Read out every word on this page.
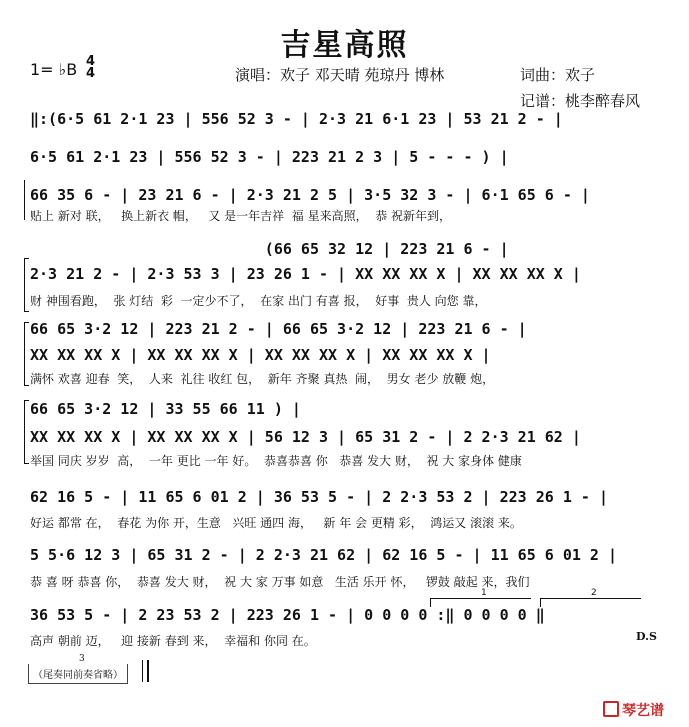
吉星高照
1= ♭B 4
4	演唱：欢子 邓天晴 苑琼丹 博林	词曲：欢子
记谱：桃李醉春风
‖:(6·5 61 2·1 23 | 556 52 3 - | 2·3 21 6·1 23 | 53 21 2 - |
6·5 61 2·1 23 | 556 52 3 - | 223 21 2 3 | 5 - - - ) |
66 35 6 - | 23 21 6 - | 2·3 21 2 5 | 3·5 32 3 - | 6·1 65 6 - |
贴上 新对 联，   换上新衣 帽，   又 是一年吉祥  福 星来高照，  恭 祝新年到，
(66 65 32 12 | 223 21 6 - |
2·3 21 2 - | 2·3 53 3 | 23 26 1 - | XX XX XX X | XX XX XX X |
财 神围看跑，  张 灯结  彩  一定少不了，  在家 出门 有喜 报，  好事  贵人 向您 靠，
66 65 3·2 12 | 223 21 2 - | 66 65 3·2 12 | 223 21 6 - |
XX XX XX X | XX XX XX X | XX XX XX X | XX XX XX X |
满怀 欢喜 迎春  笑，  人来  礼往 收红 包，  新年 齐聚 真热  闹，  男女 老少 放鞭 炮，
66 65 3·2 12 | 33 55 66 11 ) |
XX XX XX X | XX XX XX X | 56 12 3 | 65 31 2 - | 2 2·3 21 62 |
举国 同庆 岁岁  高，  一年 更比 一年 好。  恭喜恭喜 你   恭喜 发大 财，  祝 大 家身体 健康
62 16 5 - | 11 65 6 01 2 | 36 53 5 - | 2 2·3 53 2 | 223 26 1 - |
好运 都常 在，  春花 为你 开，生意   兴旺 通四 海，   新 年 会 更精 彩，  鸿运又 滚滚 来。
5 5·6 12 3 | 65 31 2 - | 2 2·3 21 62 | 62 16 5 - | 11 65 6 01 2 |
恭 喜 呀 恭喜 你，  恭喜 发大 财，  祝 大 家 万事 如意   生活 乐开 怀，   锣鼓 敲起 来，我们
1	2
36 53 5 - | 2 23 53 2 | 223 26 1 - | 0 0 0 0 :‖ 0 0 0 0 ‖
高声 朝前 迈，   迎 接新 春到 来，  幸福和 你同 在。	D.S
3
（尾奏同前奏省略）
琴艺谱
